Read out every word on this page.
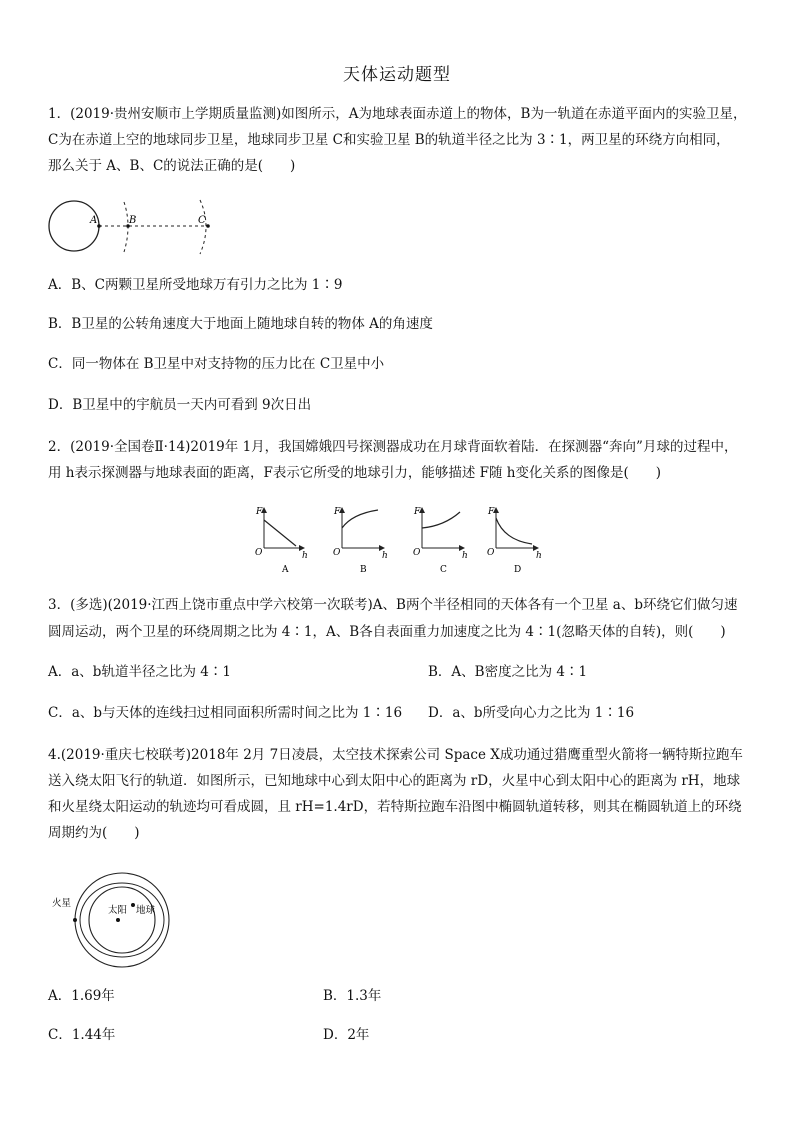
天体运动题型
1．(2019·贵州安顺市上学期质量监测)如图所示，A为地球表面赤道上的物体，B为一轨道在赤道平面内的实验卫星，
C为在赤道上空的地球同步卫星，地球同步卫星 C和实验卫星 B的轨道半径之比为 3∶1，两卫星的环绕方向相同，
那么关于 A、B、C的说法正确的是(　　)
A	B	C
A．B、C两颗卫星所受地球万有引力之比为 1∶9
B．B卫星的公转角速度大于地面上随地球自转的物体 A的角速度
C．同一物体在 B卫星中对支持物的压力比在 C卫星中小
D．B卫星中的宇航员一天内可看到 9次日出
2．(2019·全国卷Ⅱ·14)2019年 1月，我国嫦娥四号探测器成功在月球背面软着陆．在探测器“奔向”月球的过程中，
用 h表示探测器与地球表面的距离，F表示它所受的地球引力，能够描述 F随 h变化关系的图像是(　　)
F
O	h
A
F
O	h
B
F
O	h
C
F
O	h
D
3．(多选)(2019·江西上饶市重点中学六校第一次联考)A、B两个半径相同的天体各有一个卫星 a、b环绕它们做匀速
圆周运动，两个卫星的环绕周期之比为 4∶1，A、B各自表面重力加速度之比为 4∶1(忽略天体的自转)，则(　　)
A．a、b轨道半径之比为 4∶1	B．A、B密度之比为 4∶1
C．a、b与天体的连线扫过相同面积所需时间之比为 1∶16 D．a、b所受向心力之比为 1∶16
4.(2019·重庆七校联考)2018年 2月 7日凌晨，太空技术探索公司 Space X成功通过猎鹰重型火箭将一辆特斯拉跑车
送入绕太阳飞行的轨道．如图所示，已知地球中心到太阳中心的距离为 rD，火星中心到太阳中心的距离为 rH，地球
和火星绕太阳运动的轨迹均可看成圆，且 rH=1.4rD，若特斯拉跑车沿图中椭圆轨道转移，则其在椭圆轨道上的环绕
周期约为(　　)
火星
太阳 地球
A．1.69年	B．1.3年
C．1.44年	D．2年
